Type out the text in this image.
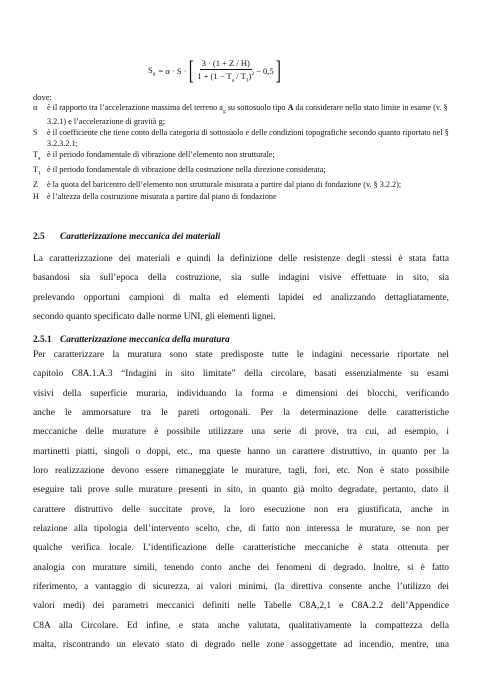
$S_a = \alpha \cdot S$ · [ $\frac{3 \cdot (1 + Z / H)}{1 + (1 - T_a / T_1)^2} - 0,5$ ]
dove:
α	è il rapporto tra l’accelerazione massima del terreno $a_g$ su sottosuolo tipo A da considerare nello stato limite in esame (v. § 3.2.1) e l’accelerazione di gravità g;
S	è il coefficiente che tiene conto della categoria di sottosuolo e delle condizioni topografiche secondo quanto riportato nel § 3.2.3.2.1;
$T_a$ è il periodo fondamentale di vibrazione dell’elemento non strutturale;
$T_1$ è il periodo fondamentale di vibrazione della costruzione nella direzione considerata;
Z	è la quota del baricentro dell’elemento non strutturale misurata a partire dal piano di fondazione (v. § 3.2.2);
H è l’altezza della costruzione misurata a partire dal piano di fondazione
2.5 Caratterizzazione meccanica dei materiali
La caratterizzazione dei materiali e quindi la definizione delle resistenze degli stessi è stata fatta
basandosi sia sull’epoca della costruzione, sia sulle indagini visive effettuate in sito, sia
prelevando opportuni campioni di malta ed elementi lapidei ed analizzando dettagliatamente,
secondo quanto specificato dalle norme UNI, gli elementi lignei.
2.5.1 Caratterizzazione meccanica della muratura
Per caratterizzare la muratura sono state predisposte tutte le indagini necessarie riportate nel
capitolo C8A.1.A.3 “Indagini in sito limitate” della circolare, basati essenzialmente su esami
visivi della superficie muraria, individuando la forma e dimensioni dei blocchi, verificando
anche le ammorsature tra le pareti ortogonali. Per la determinazione delle caratteristiche
meccaniche delle murature è possibile utilizzare una serie di prove, tra cui, ad esempio, i
martinetti piatti, singoli o doppi, etc., ma queste hanno un carattere distruttivo, in quanto per la
loro realizzazione devono essere rimaneggiate le murature, tagli, fori, etc. Non è stato possibile
eseguire tali prove sulle murature presenti in sito, in quanto già molto degradate, pertanto, dato il
carattere distruttivo delle succitate prove, la loro esecuzione non era giustificata, anche in
relazione alla tipologia dell’intervento scelto, che, di fatto non interessa le murature, se non per
qualche verifica locale. L’identificazione delle caratteristiche meccaniche è stata ottenuta per
analogia con murature simili, tenendo conto anche dei fenomeni di degrado. Inoltre, si è fatto
riferimento, a vantaggio di sicurezza, ai valori minimi, (la direttiva consente anche l’utilizzo dei
valori medi) dei parametri meccanici definiti nelle Tabelle C8A,2,1 e C8A.2.2 dell’Appendice
C8A alla Circolare. Ed infine, e stata anche valutata, qualitativamente la compattezza della
malta, riscontrando un elevato stato di degrado nelle zone assoggettate ad incendio, mentre, una
